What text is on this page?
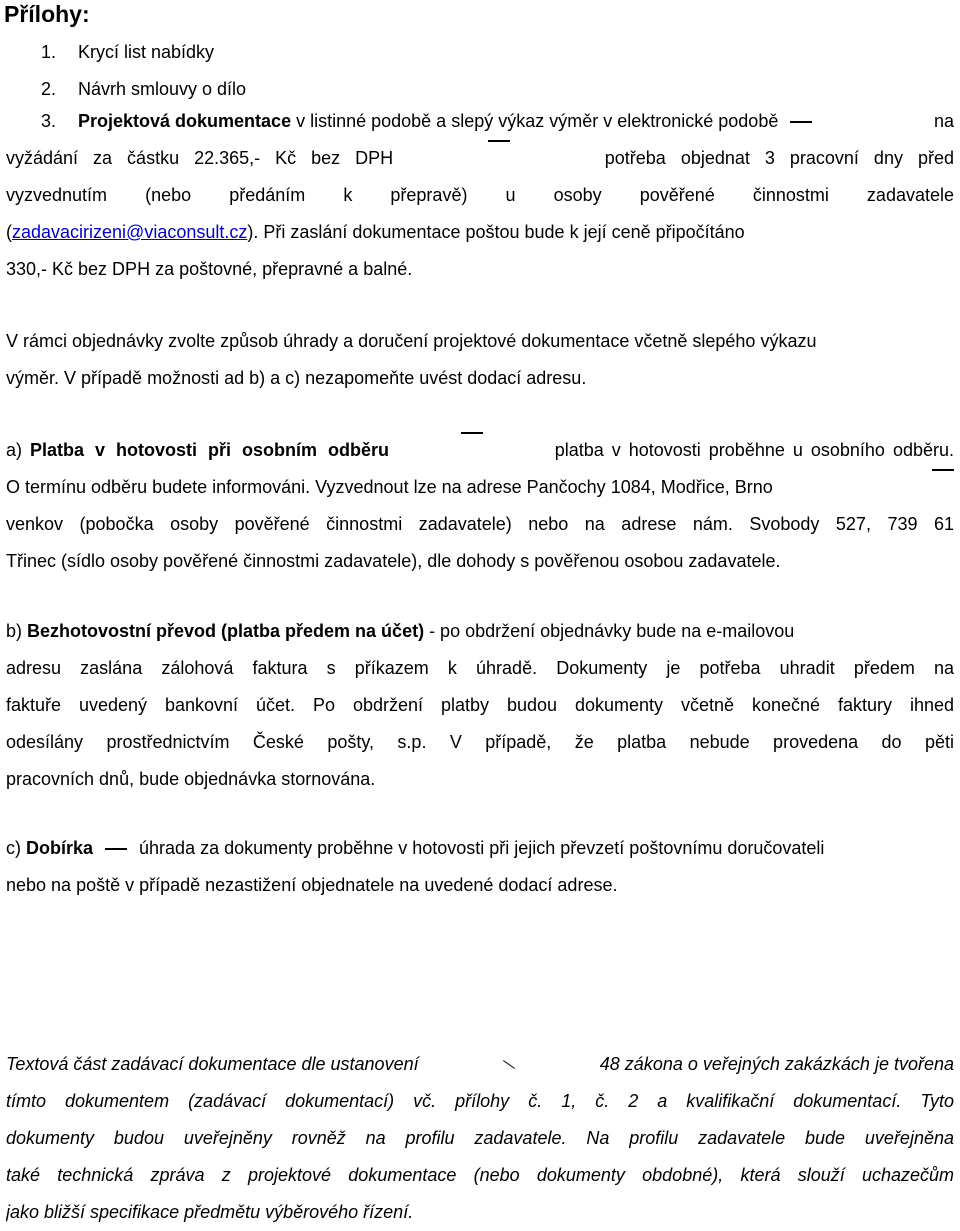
Přílohy:
1. Krycí list nabídky
2. Návrh smlouvy o dílo
3. Projektová dokumentace v listinné podobě a slepý výkaz výměr v elektronické podobě	na
vyžádání za částku 22.365,- Kč bez DPH	potřeba objednat 3 pracovní dny před
vyzvednutím (nebo předáním k přepravě) u osoby pověřené činnostmi zadavatele
(zadavacirizeni@viaconsult.cz). Při zaslání dokumentace poštou bude k její ceně připočítáno
330,- Kč bez DPH za poštovné, přepravné a balné.
V rámci objednávky zvolte způsob úhrady a doručení projektové dokumentace včetně slepého výkazu
výměr. V případě možnosti ad b) a c) nezapomeňte uvést dodací adresu.
a) Platba v hotovosti při osobním odběru	platba v hotovosti proběhne u osobního odběru.
O termínu odběru budete informováni. Vyzvednout lze na adrese Pančochy 1084, Modřice, Brno
venkov (pobočka osoby pověřené činnostmi zadavatele) nebo na adrese nám. Svobody 527, 739 61
Třinec (sídlo osoby pověřené činnostmi zadavatele), dle dohody s pověřenou osobou zadavatele.
b) Bezhotovostní převod (platba předem na účet) - po obdržení objednávky bude na e-mailovou
adresu zaslána zálohová faktura s příkazem k úhradě. Dokumenty je potřeba uhradit předem na
faktuře uvedený bankovní účet. Po obdržení platby budou dokumenty včetně konečné faktury ihned
odesílány prostřednictvím České pošty, s.p. V případě, že platba nebude provedena do pěti
pracovních dnů, bude objednávka stornována.
c) Dobírka	úhrada za dokumenty proběhne v hotovosti při jejich převzetí poštovnímu doručovateli
nebo na poště v případě nezastižení objednatele na uvedené dodací adrese.
Textová část zadávací dokumentace dle ustanovení	48 zákona o veřejných zakázkách je tvořena
tímto dokumentem (zadávací dokumentací) vč. přílohy č. 1, č. 2 a kvalifikační dokumentací. Tyto
dokumenty budou uveřejněny rovněž na profilu zadavatele. Na profilu zadavatele bude uveřejněna
také technická zpráva z projektové dokumentace (nebo dokumenty obdobné), která slouží uchazečům
jako bližší specifikace předmětu výběrového řízení.
